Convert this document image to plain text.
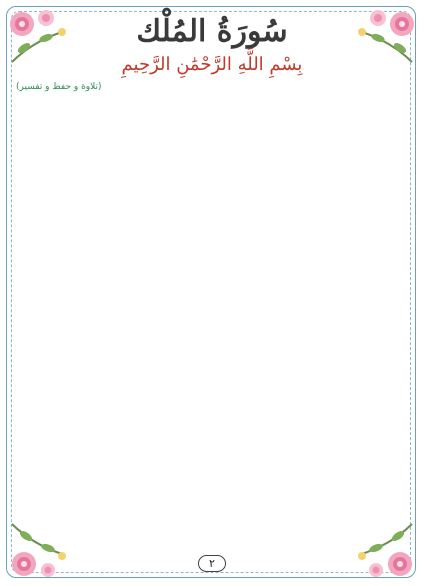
سُورَةُ المُلْك
بِسْمِ اللَّهِ الرَّحْمَٰنِ الرَّحِيمِ
(تلاوة و حفظ و تفسير)
٢
